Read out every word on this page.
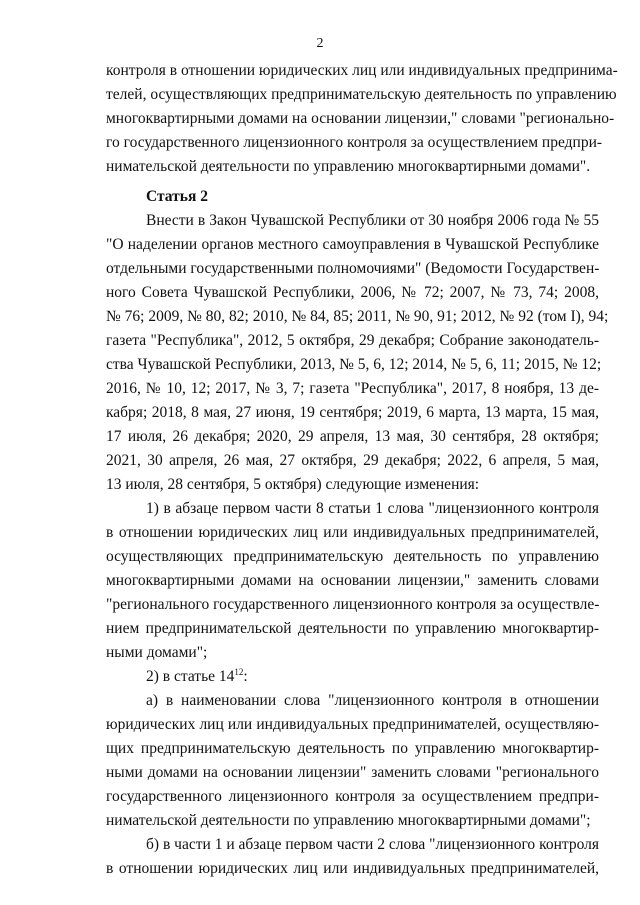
2
контроля в отношении юридических лиц или индивидуальных предпринима-
телей, осуществляющих предпринимательскую деятельность по управлению
многоквартирными домами на основании лицензии," словами "регионально-
го государственного лицензионного контроля за осуществлением предпри-
нимательской деятельности по управлению многоквартирными домами".
Статья 2
Внести в Закон Чувашской Республики от 30 ноября 2006 года № 55
"О наделении органов местного самоуправления в Чувашской Республике
отдельными государственными полномочиями" (Ведомости Государствен-
ного Совета Чувашской Республики, 2006, № 72; 2007, № 73, 74; 2008,
№ 76; 2009, № 80, 82; 2010, № 84, 85; 2011, № 90, 91; 2012, № 92 (том I), 94;
газета "Республика", 2012, 5 октября, 29 декабря; Собрание законодатель-
ства Чувашской Республики, 2013, № 5, 6, 12; 2014, № 5, 6, 11; 2015, № 12;
2016, № 10, 12; 2017, № 3, 7; газета "Республика", 2017, 8 ноября, 13 де-
кабря; 2018, 8 мая, 27 июня, 19 сентября; 2019, 6 марта, 13 марта, 15 мая,
17 июля, 26 декабря; 2020, 29 апреля, 13 мая, 30 сентября, 28 октября;
2021, 30 апреля, 26 мая, 27 октября, 29 декабря; 2022, 6 апреля, 5 мая,
13 июля, 28 сентября, 5 октября) следующие изменения:
1) в абзаце первом части 8 статьи 1 слова "лицензионного контроля
в отношении юридических лиц или индивидуальных предпринимателей,
осуществляющих предпринимательскую деятельность по управлению
многоквартирными домами на основании лицензии," заменить словами
"регионального государственного лицензионного контроля за осуществле-
нием предпринимательской деятельности по управлению многоквартир-
ными домами";
2) в статье $14^{12}$:
а) в наименовании слова "лицензионного контроля в отношении
юридических лиц или индивидуальных предпринимателей, осуществляю-
щих предпринимательскую деятельность по управлению многоквартир-
ными домами на основании лицензии" заменить словами "регионального
государственного лицензионного контроля за осуществлением предпри-
нимательской деятельности по управлению многоквартирными домами";
б) в части 1 и абзаце первом части 2 слова "лицензионного контроля
в отношении юридических лиц или индивидуальных предпринимателей,
